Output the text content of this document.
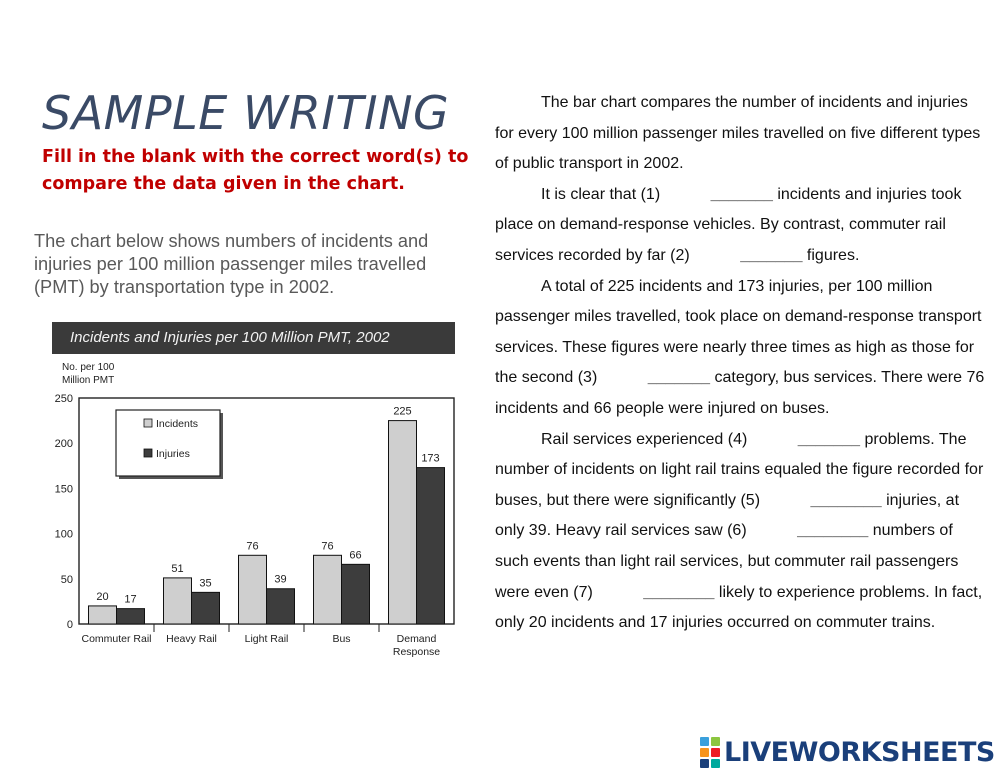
SAMPLE WRITING

Fill in the blank with the correct word(s) to compare the data given in the chart.

The chart below shows numbers of incidents and injuries per 100 million passenger miles travelled (PMT) by transportation type in 2002.

Incidents and Injuries per 100 Million PMT, 2002
No. per 100
Million PMT
0
50
100
150
200
250
20 17
Commuter Rail
51
35
Heavy Rail
76
39
Light Rail
76
66
Bus
225
173
Demand
Response
Incidents
Injuries

The bar chart compares the number of incidents and injuries for every 100 million passenger miles travelled on five different types of public transport in 2002.

It is clear that (1)	_______ incidents and injuries took place on demand-response vehicles. By contrast, commuter rail services recorded by far (2)	_______ figures.

A total of 225 incidents and 173 injuries, per 100 million passenger miles travelled, took place on demand-response transport services. These figures were nearly three times as high as those for the second (3)	_______ category, bus services. There were 76 incidents and 66 people were injured on buses.

Rail services experienced (4)	_______ problems. The number of incidents on light rail trains equaled the figure recorded for buses, but there were significantly (5)	________ injuries, at only 39. Heavy rail services saw (6)	________ numbers of such events than light rail services, but commuter rail passengers were even (7)	________ likely to experience problems. In fact, only 20 incidents and 17 injuries occurred on commuter trains.

LIVEWORKSHEETS
